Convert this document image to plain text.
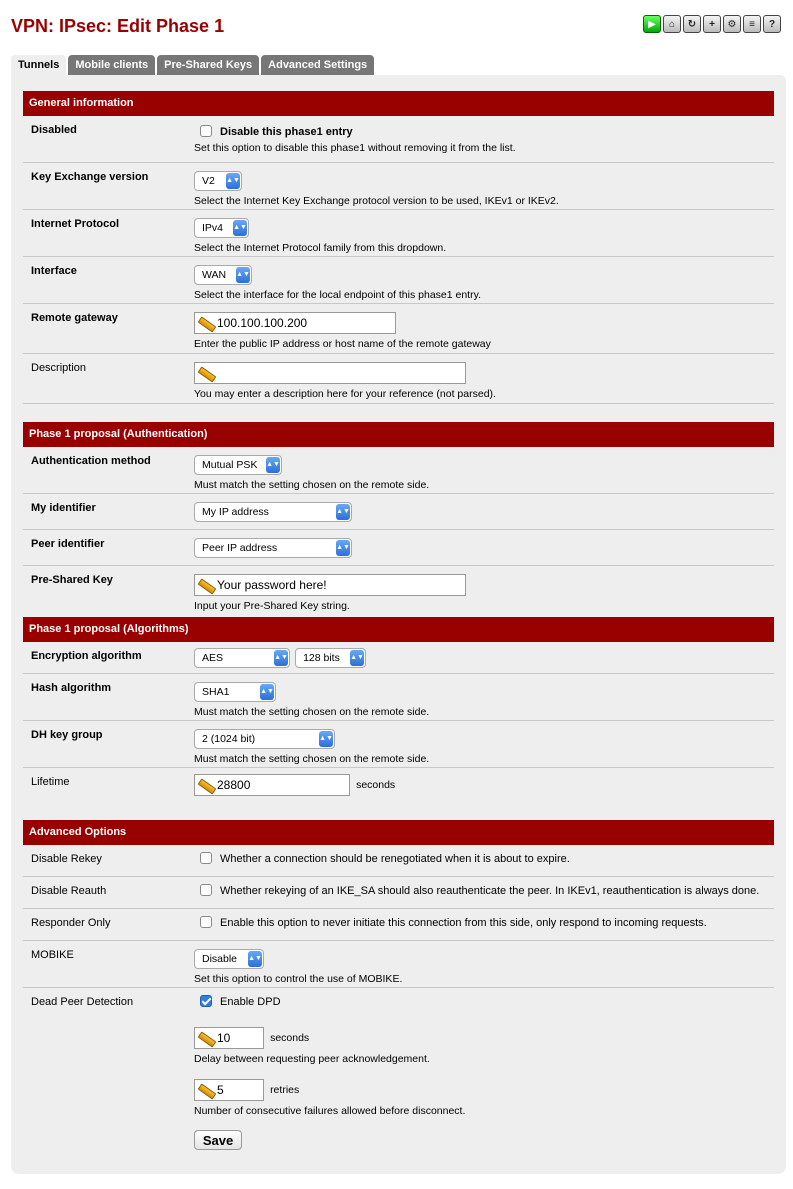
VPN: IPsec: Edit Phase 1	▶	⌂	↻	+	⚙	≡	?
Tunnels	Mobile clients	Pre-Shared Keys	Advanced Settings
General information
Disabled	Disable this phase1 entry
Set this option to disable this phase1 without removing it from the list.
Key Exchange version	V2 ▲▼
Select the Internet Key Exchange protocol version to be used, IKEv1 or IKEv2.
Internet Protocol	IPv4 ▲▼
Select the Internet Protocol family from this dropdown.
Interface	WAN ▲▼
Select the interface for the local endpoint of this phase1 entry.
Remote gateway	100.100.100.200
Enter the public IP address or host name of the remote gateway
Description
You may enter a description here for your reference (not parsed).
Phase 1 proposal (Authentication)
Authentication method	Mutual PSK ▲▼
Must match the setting chosen on the remote side.
My identifier	My IP address	▲▼
Peer identifier	Peer IP address	▲▼
Pre-Shared Key	Your password here!
Input your Pre-Shared Key string.
Phase 1 proposal (Algorithms)
Encryption algorithm	AES	▲▼
128 bits ▲▼
Hash algorithm	SHA1	▲▼
Must match the setting chosen on the remote side.
DH key group	2 (1024 bit)	▲▼
Must match the setting chosen on the remote side.
Lifetime	28800	seconds
Advanced Options
Disable Rekey	Whether a connection should be renegotiated when it is about to expire.
Disable Reauth	Whether rekeying of an IKE_SA should also reauthenticate the peer. In IKEv1, reauthentication is always done.
Responder Only	Enable this option to never initiate this connection from this side, only respond to incoming requests.
MOBIKE	Disable ▲▼
Set this option to control the use of MOBIKE.
Dead Peer Detection	Enable DPD
10	seconds
Delay between requesting peer acknowledgement.
5	retries
Number of consecutive failures allowed before disconnect.
Save
